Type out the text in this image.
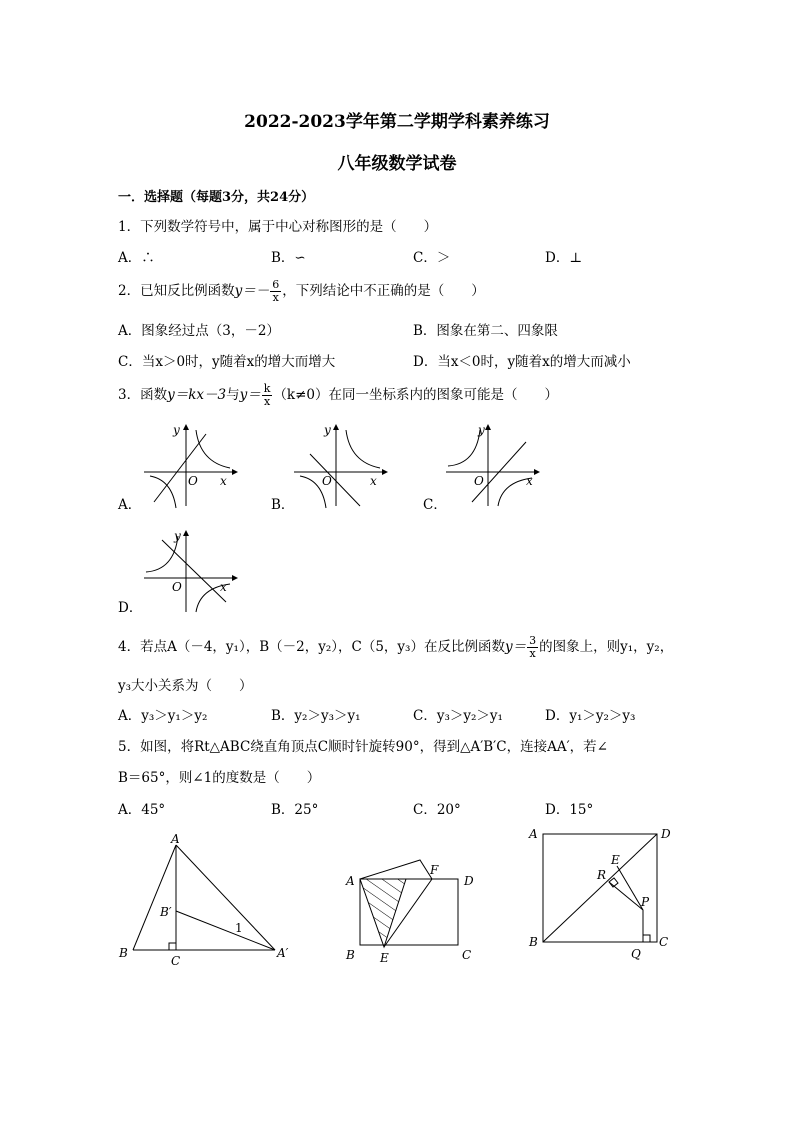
2022-2023学年第二学期学科素养练习
八年级数学试卷
一．选择题（每题3分，共24分）
1．下列数学符号中，属于中心对称图形的是（　　）
A．∴	B．∽	C．＞	D．⊥
2．已知反比例函数$y=- \frac{6}{x}$ ，下列结论中不正确的是（　　）
A．图象经过点（3，－2）	B．图象在第二、四象限
C．当x＞0时，y随着x的增大而增大	D．当x＜0时，y随着x的增大而减小
3．函数y＝kx－3与$y= \frac{k}{x} (k\ne 0)$在同一坐标系内的图象可能是（　　）
y
x
O
A．
y
x
O
B．
y
x
O
C．
y
x
O
D．
4．若点A（－4，y₁），B（－2，y₂），C（5，y₃）在反比例函数$y= \frac{3}{x}$ 的图象上，则y₁，y₂，
y₃大小关系为（　　）
A．y₃＞y₁＞y₂	B．y₂＞y₃＞y₁	C．y₃＞y₂＞y₁	D．y₁＞y₂＞y₃
5．如图，将Rt△ABC绕直角顶点C顺时针旋转90°，得到△A′B′C，连接AA′，若∠
B＝65°，则∠1的度数是（　　）
A．45°	B．25°	C．20°	D．15°
A
B
C
B′
A′
1
A
F
D
B E	C
A	D
E
R
P
B
Q
C
